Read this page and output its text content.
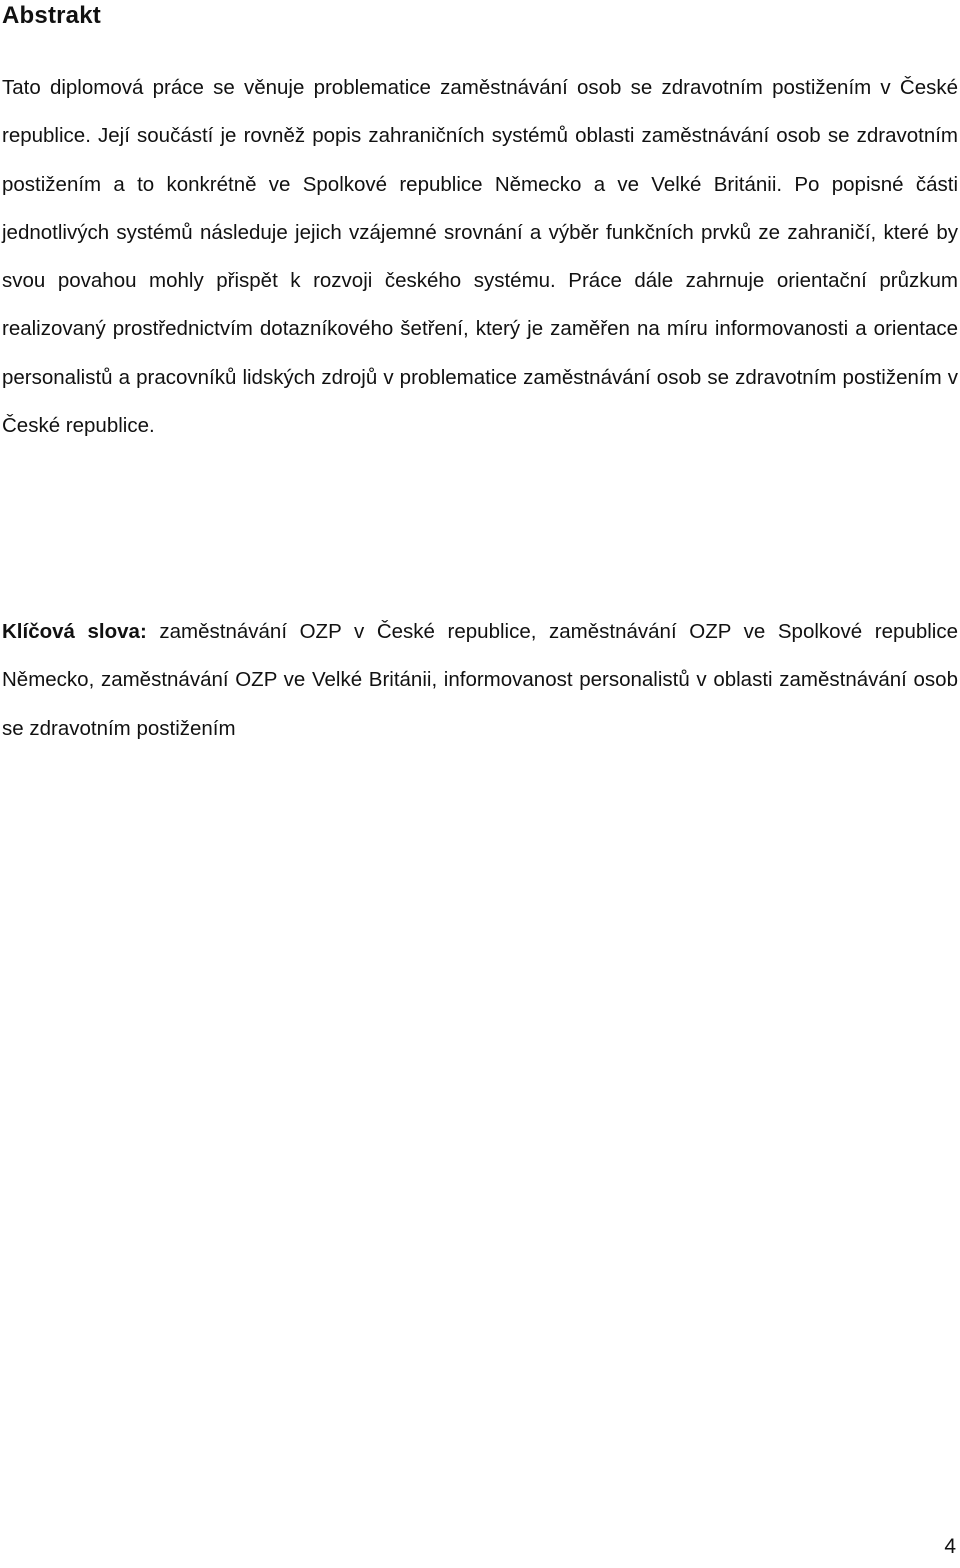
Abstrakt

Tato diplomová práce se věnuje problematice zaměstnávání osob se zdravotním postižením v České republice. Její součástí je rovněž popis zahraničních systémů oblasti zaměstnávání osob se zdravotním postižením a to konkrétně ve Spolkové republice Německo a ve Velké Británii. Po popisné části jednotlivých systémů následuje jejich vzájemné srovnání a výběr funkčních prvků ze zahraničí, které by svou povahou mohly přispět k rozvoji českého systému. Práce dále zahrnuje orientační průzkum realizovaný prostřednictvím dotazníkového šetření, který je zaměřen na míru informovanosti a orientace personalistů a pracovníků lidských zdrojů v problematice zaměstnávání osob se zdravotním postižením v České republice.

Klíčová slova: zaměstnávání OZP v České republice, zaměstnávání OZP ve Spolkové republice Německo, zaměstnávání OZP ve Velké Británii, informovanost personalistů v oblasti zaměstnávání osob se zdravotním postižením

4
